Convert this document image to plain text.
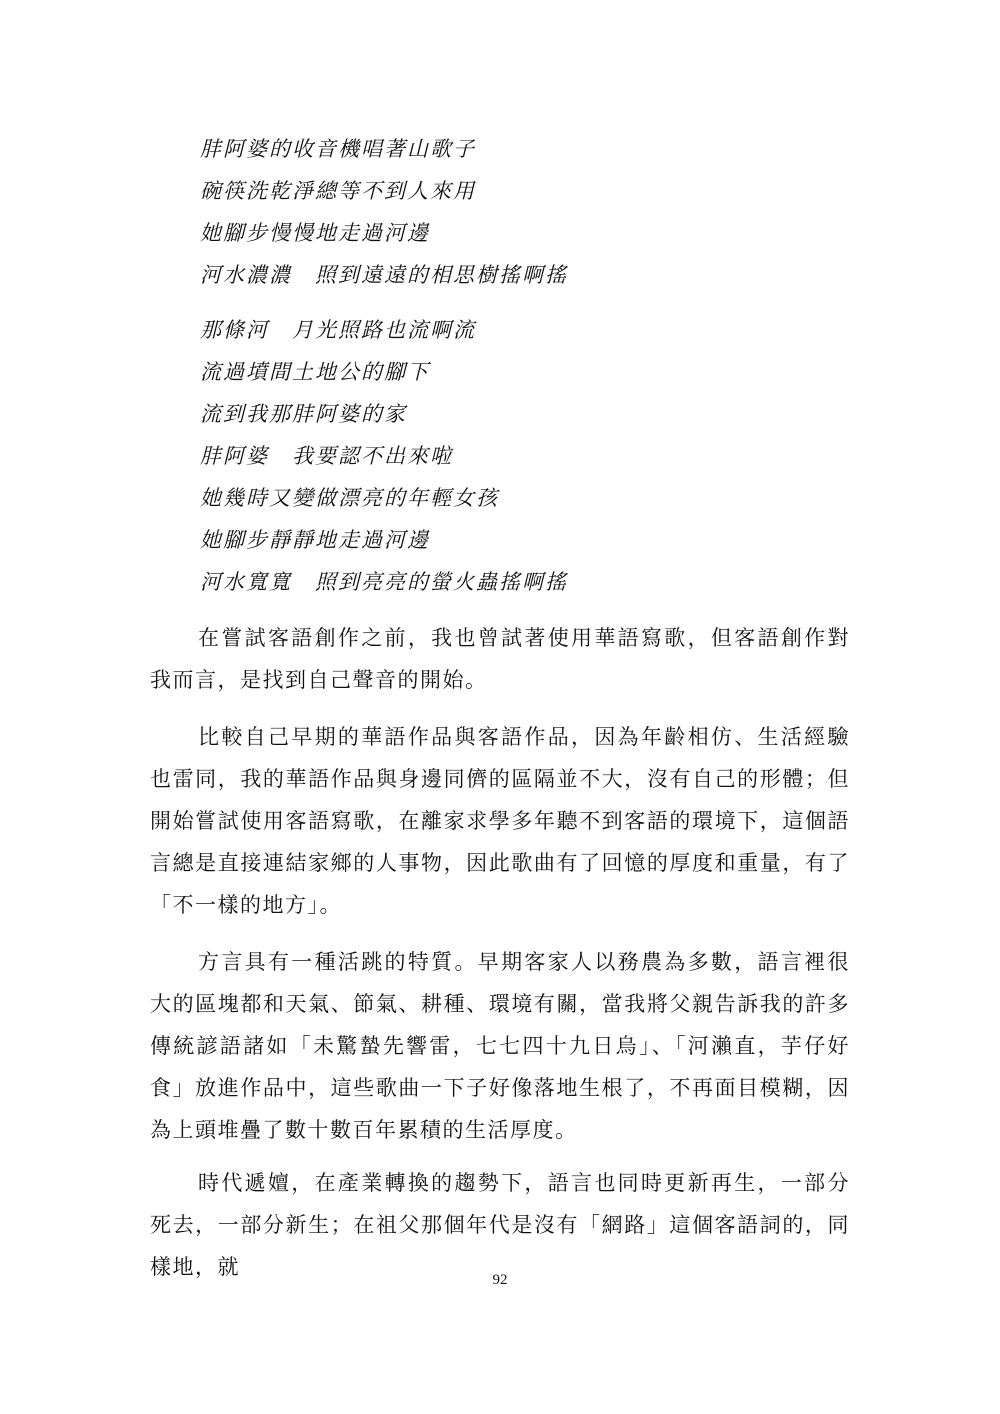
肨阿婆的收音機唱著山歌子
碗筷洗乾淨總等不到人來用
她腳步慢慢地走過河邊
河水濃濃　照到遠遠的相思樹搖啊搖
那條河　月光照路也流啊流
流過墳間土地公的腳下
流到我那肨阿婆的家
肨阿婆　我要認不出來啦
她幾時又變做漂亮的年輕女孩
她腳步靜靜地走過河邊
河水寬寬　照到亮亮的螢火蟲搖啊搖

在嘗試客語創作之前，我也曾試著使用華語寫歌，但客語創作對我而言，是找到自己聲音的開始。

比較自己早期的華語作品與客語作品，因為年齡相仿、生活經驗也雷同，我的華語作品與身邊同儕的區隔並不大，沒有自己的形體；但開始嘗試使用客語寫歌，在離家求學多年聽不到客語的環境下，這個語言總是直接連結家鄉的人事物，因此歌曲有了回憶的厚度和重量，有了「不一樣的地方」。

方言具有一種活跳的特質。早期客家人以務農為多數，語言裡很大的區塊都和天氣、節氣、耕種、環境有關，當我將父親告訴我的許多傳統諺語諸如「未驚蟄先響雷，七七四十九日烏」、「河瀨直，芋仔好食」放進作品中，這些歌曲一下子好像落地生根了，不再面目模糊，因為上頭堆疊了數十數百年累積的生活厚度。

時代遞嬗，在產業轉換的趨勢下，語言也同時更新再生，一部分死去，一部分新生；在祖父那個年代是沒有「網路」這個客語詞的，同樣地，就

92
